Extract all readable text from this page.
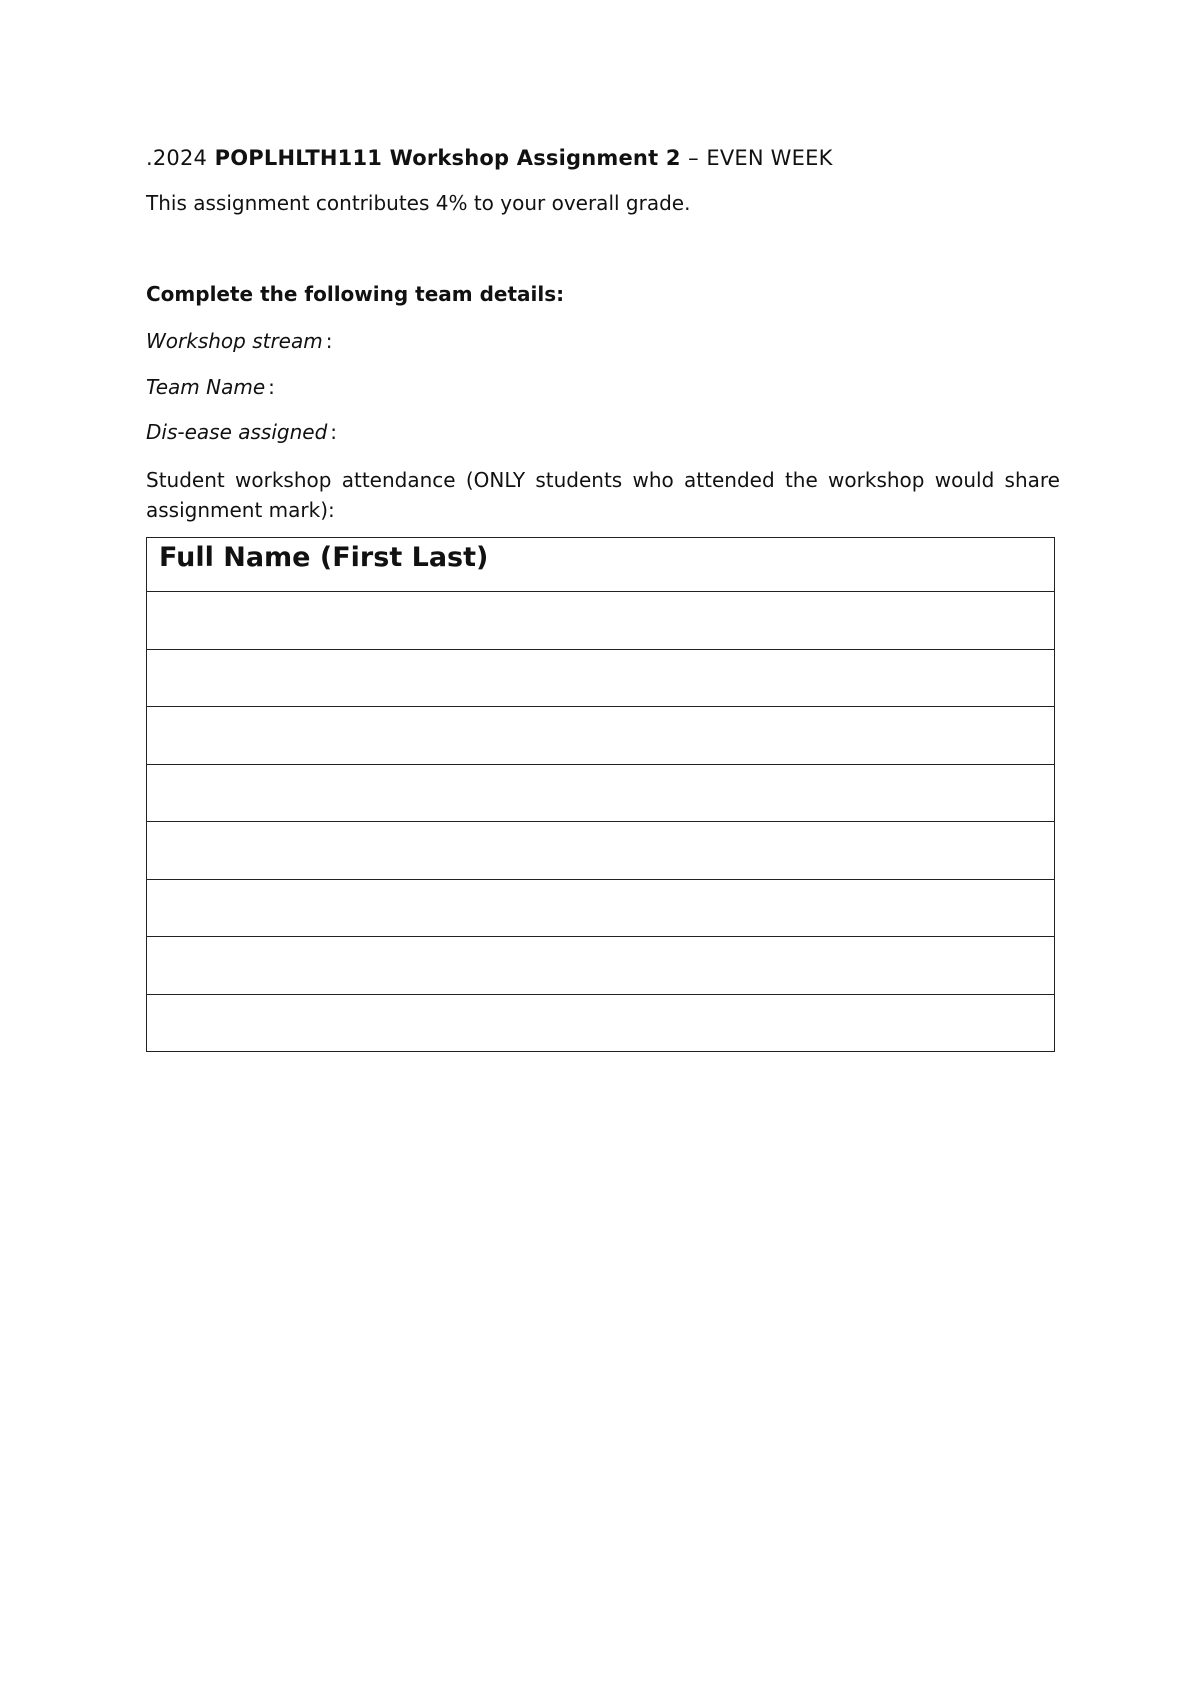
.2024 POPLHLTH111 Workshop Assignment 2 – EVEN WEEK
This assignment contributes 4% to your overall grade.
Complete the following team details:
Workshop stream :
Team Name :
Dis-ease assigned :
Student workshop attendance (ONLY students who attended the workshop would share assignment mark):
Full Name (First Last)
